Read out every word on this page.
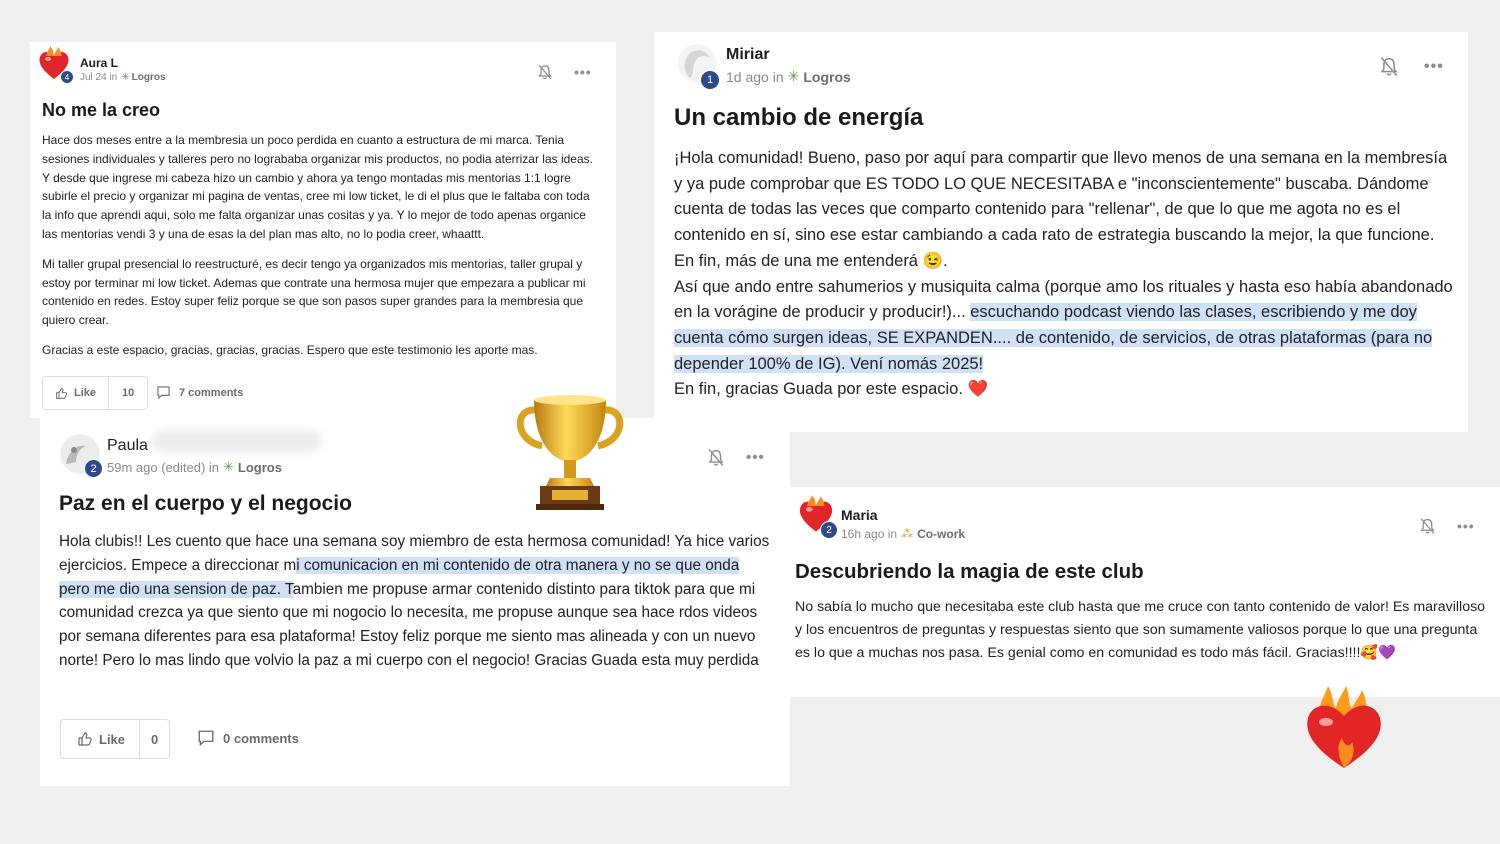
4
Aura L
Jul 24 in ✳ Logros	•••
No me la creo

Hace dos meses entre a la membresia un poco perdida en cuanto a estructura de mi marca. Tenia sesiones individuales y talleres pero no logrababa organizar mis productos, no podia aterrizar las ideas. Y desde que ingrese mi cabeza hizo un cambio y ahora ya tengo montadas mis mentorias 1:1 logre subirle el precio y organizar mi pagina de ventas, cree mi low ticket, le di el plus que le faltaba con toda la info que aprendi aqui, solo me falta organizar unas cositas y ya. Y lo mejor de todo apenas organice las mentorias vendi 3 y una de esas la del plan mas alto, no lo podia creer, whaattt.

Mi taller grupal presencial lo reestructuré, es decir tengo ya organizados mis mentorias, taller grupal y estoy por terminar mi low ticket. Ademas que contrate una hermosa mujer que empezara a publicar mi contenido en redes. Estoy super feliz porque se que son pasos super grandes para la membresia que quiero crear.

Gracias a este espacio, gracias, gracias, gracias. Espero que este testimonio les aporte mas.

Like	10	7 comments
1
Miriar
1d ago in ✳ Logros
•••
Un cambio de energía

¡Hola comunidad! Bueno, paso por aquí para compartir que llevo menos de una semana en la membresía y ya pude comprobar que ES TODO LO QUE NECESITABA e "inconscientemente" buscaba. Dándome cuenta de todas las veces que comparto contenido para "rellenar", de que lo que me agota no es el contenido en sí, sino ese estar cambiando a cada rato de estrategia buscando la mejor, la que funcione. En fin, más de una me entenderá 😉.

Así que ando entre sahumerios y musiquita calma (porque amo los rituales y hasta eso había abandonado en la vorágine de producir y producir!)... escuchando podcast viendo las clases, escribiendo y me doy cuenta cómo surgen ideas, SE EXPANDEN.... de contenido, de servicios, de otras plataformas (para no depender 100% de IG). Vení nomás 2025!

En fin, gracias Guada por este espacio. ❤️

2
Paula
59m ago (edited) in ✳ Logros
•••
Paz en el cuerpo y el negocio

Hola clubis!! Les cuento que hace una semana soy miembro de esta hermosa comunidad! Ya hice varios ejercicios. Empece a direccionar mi comunicacion en mi contenido de otra manera y no se que onda pero me dio una sension de paz. Tambien me propuse armar contenido distinto para tiktok para que mi comunidad crezca ya que siento que mi nogocio lo necesita, me propuse aunque sea hace rdos videos por semana diferentes para esa plataforma! Estoy feliz porque me siento mas alineada y con un nuevo norte! Pero lo mas lindo que volvio la paz a mi cuerpo con el negocio! Gracias Guada esta muy perdida

Like	0	0 comments
2
Maria
16h ago in ⁂ Co-work	•••
Descubriendo la magia de este club

No sabía lo mucho que necesitaba este club hasta que me cruce con tanto contenido de valor! Es maravilloso y los encuentros de preguntas y respuestas siento que son sumamente valiosos porque lo que una pregunta es lo que a muchas nos pasa. Es genial como en comunidad es todo más fácil. Gracias!!!!🥰💜
